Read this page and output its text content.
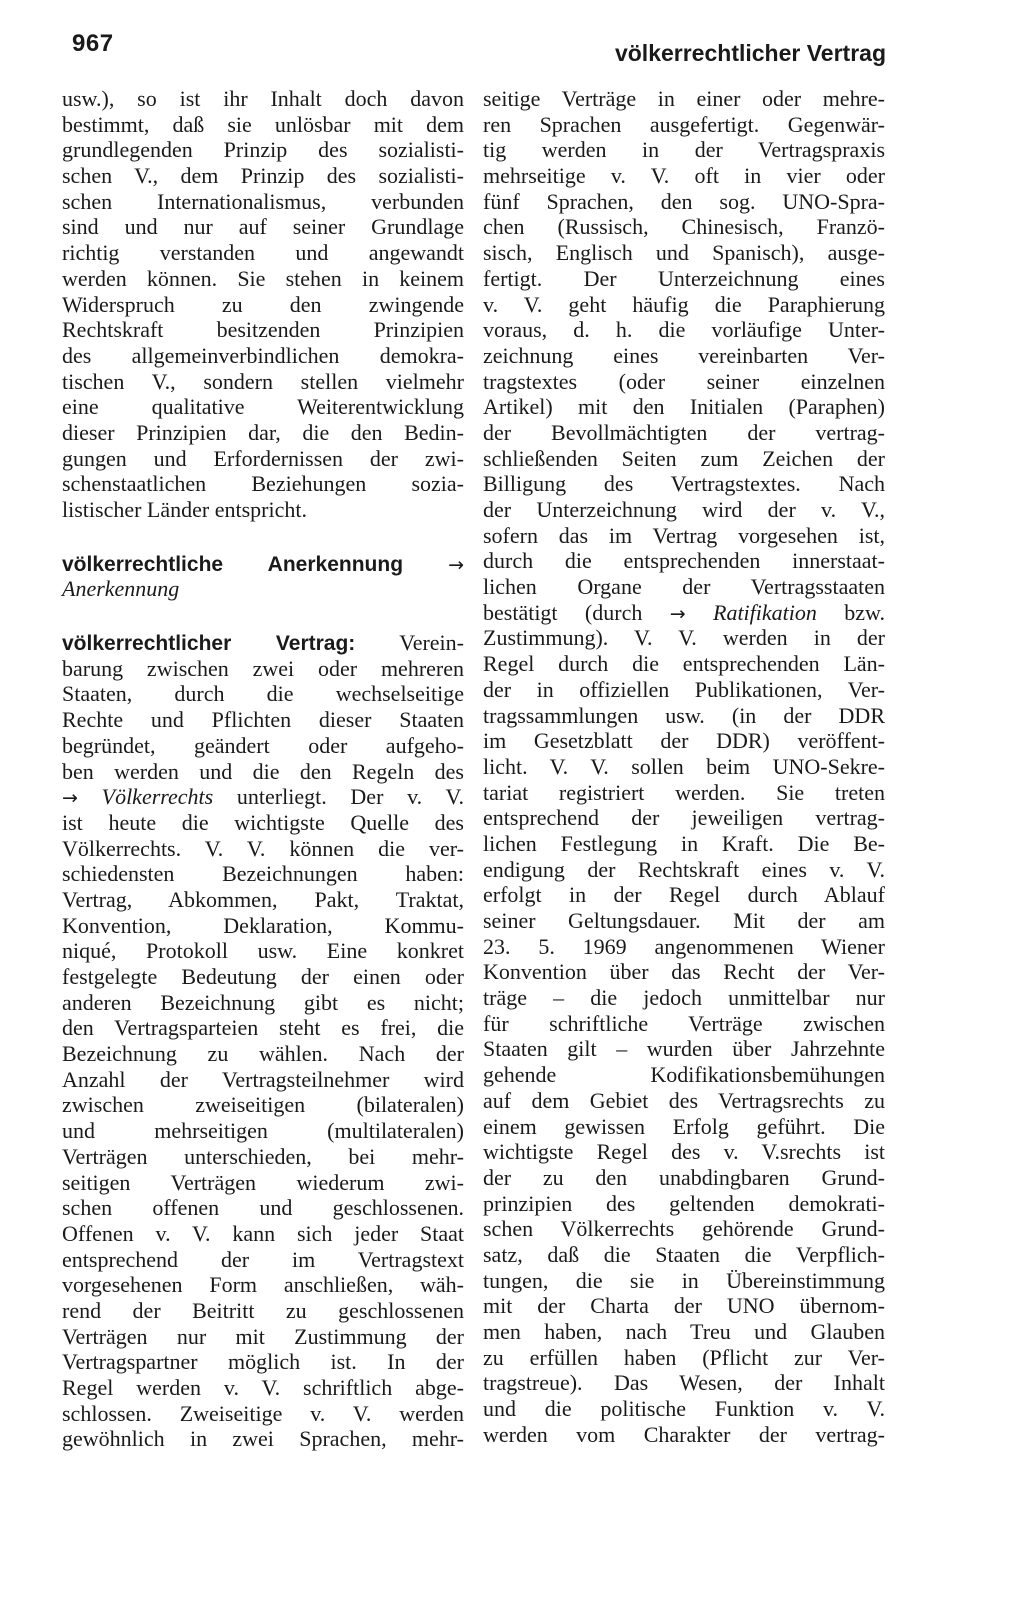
967	völkerrechtlicher Vertrag
usw.), so ist ihr Inhalt doch davon
bestimmt, daß sie unlösbar mit dem
grundlegenden Prinzip des sozialisti-
schen V., dem Prinzip des sozialisti-
schen Internationalismus, verbunden
sind und nur auf seiner Grundlage
richtig verstanden und angewandt
werden können. Sie stehen in keinem
Widerspruch zu den zwingende
Rechtskraft besitzenden Prinzipien
des allgemeinverbindlichen demokra-
tischen V., sondern stellen vielmehr
eine qualitative Weiterentwicklung
dieser Prinzipien dar, die den Bedin-
gungen und Erfordernissen der zwi-
schenstaatlichen Beziehungen sozia-
listischer Länder entspricht.
völkerrechtliche Anerkennung →
Anerkennung
völkerrechtlicher Vertrag: Verein-
barung zwischen zwei oder mehreren
Staaten, durch die wechselseitige
Rechte und Pflichten dieser Staaten
begründet, geändert oder aufgeho-
ben werden und die den Regeln des
→ Völkerrechts unterliegt. Der v. V.
ist heute die wichtigste Quelle des
Völkerrechts. V. V. können die ver-
schiedensten Bezeichnungen haben:
Vertrag, Abkommen, Pakt, Traktat,
Konvention, Deklaration, Kommu-
niqué, Protokoll usw. Eine konkret
festgelegte Bedeutung der einen oder
anderen Bezeichnung gibt es nicht;
den Vertragsparteien steht es frei, die
Bezeichnung zu wählen. Nach der
Anzahl der Vertragsteilnehmer wird
zwischen zweiseitigen (bilateralen)
und mehrseitigen (multilateralen)
Verträgen unterschieden, bei mehr-
seitigen Verträgen wiederum zwi-
schen offenen und geschlossenen.
Offenen v. V. kann sich jeder Staat
entsprechend der im Vertragstext
vorgesehenen Form anschließen, wäh-
rend der Beitritt zu geschlossenen
Verträgen nur mit Zustimmung der
Vertragspartner möglich ist. In der
Regel werden v. V. schriftlich abge-
schlossen. Zweiseitige v. V. werden
gewöhnlich in zwei Sprachen, mehr-
seitige Verträge in einer oder mehre-
ren Sprachen ausgefertigt. Gegenwär-
tig werden in der Vertragspraxis
mehrseitige v. V. oft in vier oder
fünf Sprachen, den sog. UNO-Spra-
chen (Russisch, Chinesisch, Franzö-
sisch, Englisch und Spanisch), ausge-
fertigt. Der Unterzeichnung eines
v. V. geht häufig die Paraphierung
voraus, d. h. die vorläufige Unter-
zeichnung eines vereinbarten Ver-
tragstextes (oder seiner einzelnen
Artikel) mit den Initialen (Paraphen)
der Bevollmächtigten der vertrag-
schließenden Seiten zum Zeichen der
Billigung des Vertragstextes. Nach
der Unterzeichnung wird der v. V.,
sofern das im Vertrag vorgesehen ist,
durch die entsprechenden innerstaat-
lichen Organe der Vertragsstaaten
bestätigt (durch → Ratifikation bzw.
Zustimmung). V. V. werden in der
Regel durch die entsprechenden Län-
der in offiziellen Publikationen, Ver-
tragssammlungen usw. (in der DDR
im Gesetzblatt der DDR) veröffent-
licht. V. V. sollen beim UNO-Sekre-
tariat registriert werden. Sie treten
entsprechend der jeweiligen vertrag-
lichen Festlegung in Kraft. Die Be-
endigung der Rechtskraft eines v. V.
erfolgt in der Regel durch Ablauf
seiner Geltungsdauer. Mit der am
23. 5. 1969 angenommenen Wiener
Konvention über das Recht der Ver-
träge – die jedoch unmittelbar nur
für schriftliche Verträge zwischen
Staaten gilt – wurden über Jahrzehnte
gehende Kodifikationsbemühungen
auf dem Gebiet des Vertragsrechts zu
einem gewissen Erfolg geführt. Die
wichtigste Regel des v. V.srechts ist
der zu den unabdingbaren Grund-
prinzipien des geltenden demokrati-
schen Völkerrechts gehörende Grund-
satz, daß die Staaten die Verpflich-
tungen, die sie in Übereinstimmung
mit der Charta der UNO übernom-
men haben, nach Treu und Glauben
zu erfüllen haben (Pflicht zur Ver-
tragstreue). Das Wesen, der Inhalt
und die politische Funktion v. V.
werden vom Charakter der vertrag-
